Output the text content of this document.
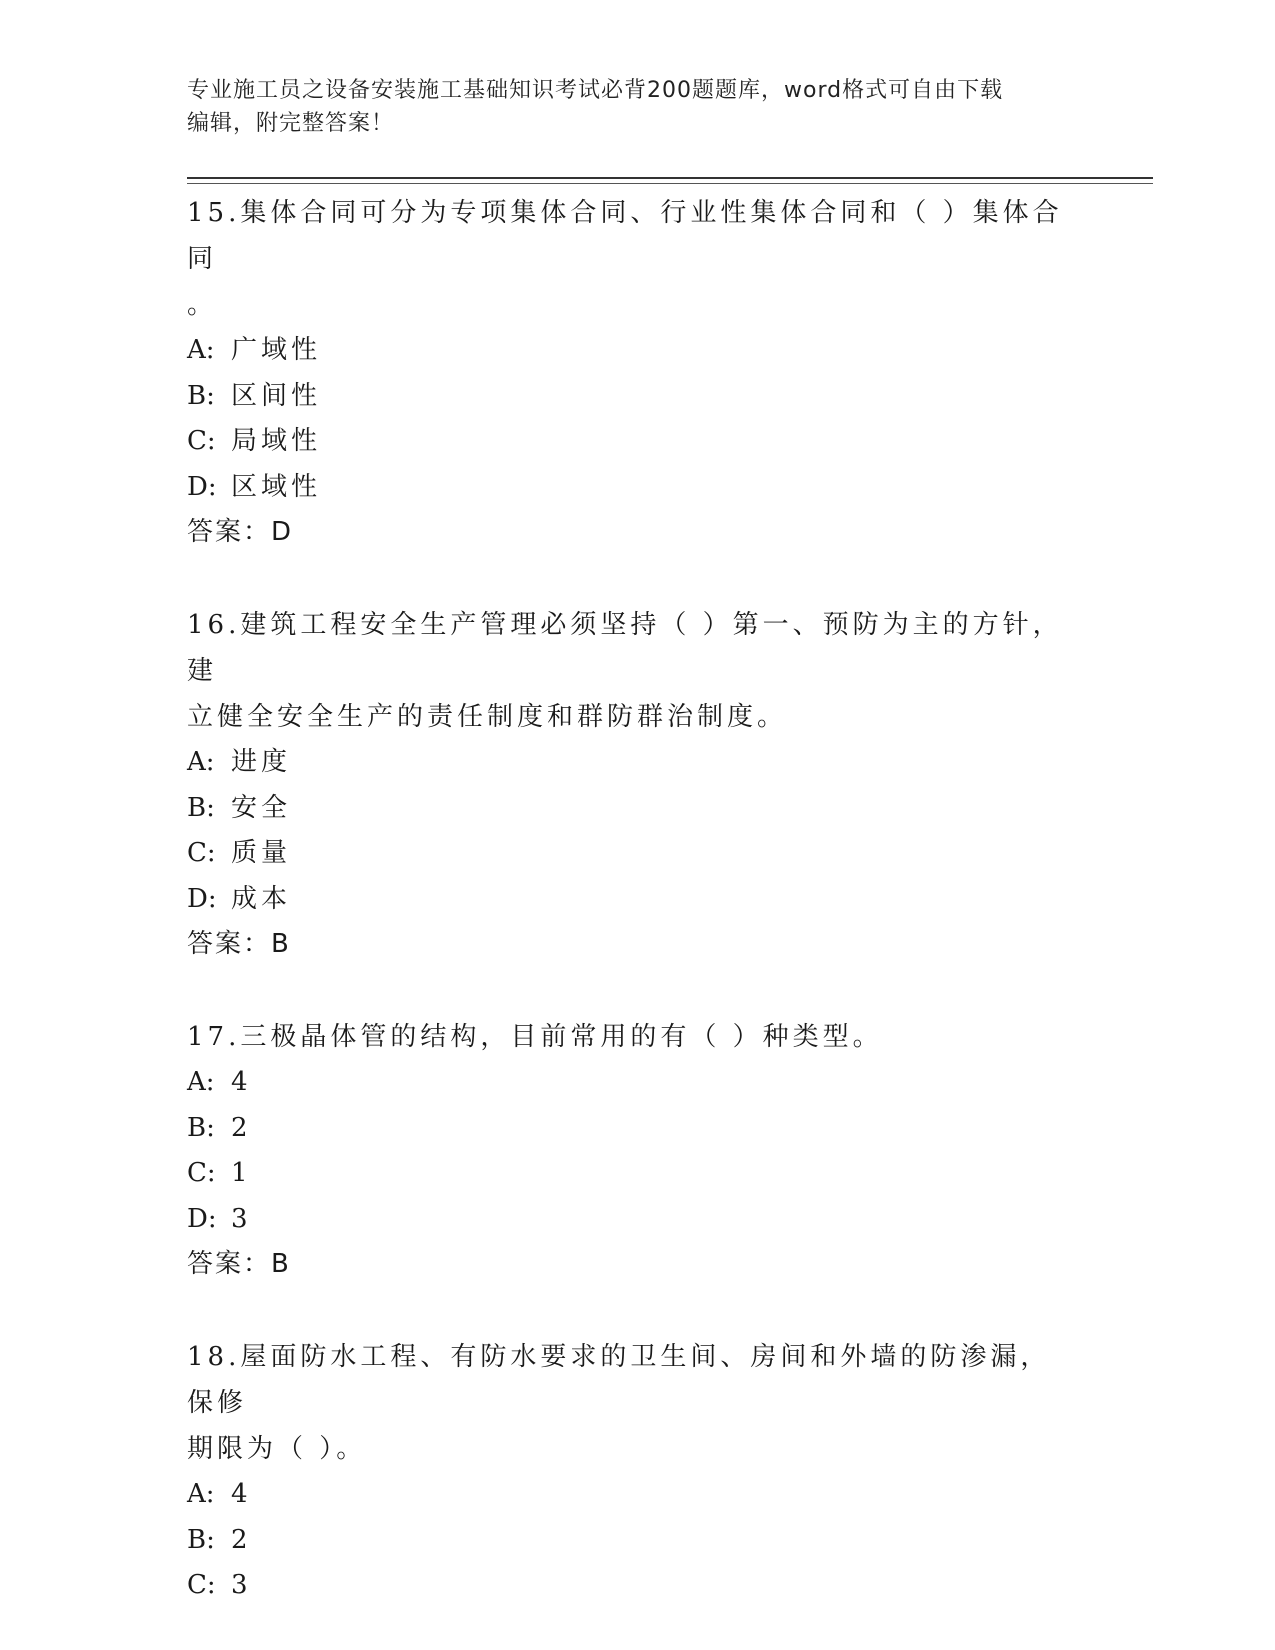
专业施工员之设备安装施工基础知识考试必背200题题库，word格式可自由下载
编辑，附完整答案！

15.集体合同可分为专项集体合同、行业性集体合同和（ ）集体合同

。

A: 广域性

B: 区间性

C: 局域性

D: 区域性

答案：D

16.建筑工程安全生产管理必须坚持（ ）第一、预防为主的方针，建

立健全安全生产的责任制度和群防群治制度。

A: 进度

B: 安全

C: 质量

D: 成本

答案：B

17.三极晶体管的结构，目前常用的有（ ）种类型。

A: 4

B: 2

C: 1

D: 3

答案：B

18.屋面防水工程、有防水要求的卫生间、房间和外墙的防渗漏，保修

期限为（ ）。

A: 4

B: 2

C: 3
